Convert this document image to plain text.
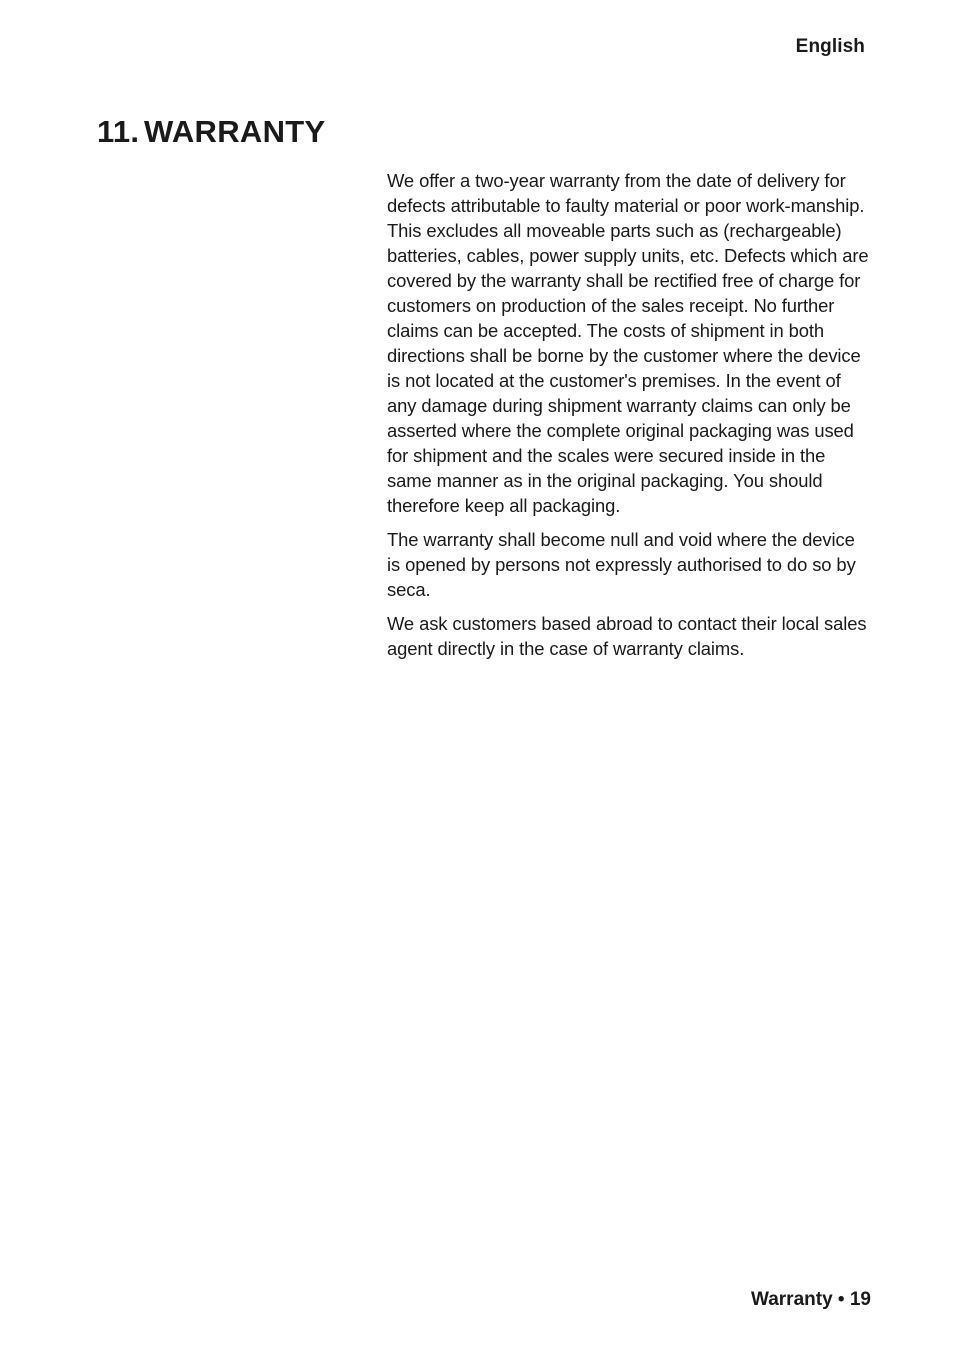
English
11. WARRANTY

We offer a two-year warranty from the date of delivery for defects attributable to faulty material or poor work-manship. This excludes all moveable parts such as (rechargeable) batteries, cables, power supply units, etc. Defects which are covered by the warranty shall be rectified free of charge for customers on production of the sales receipt. No further claims can be accepted. The costs of shipment in both directions shall be borne by the customer where the device is not located at the customer's premises. In the event of any damage during shipment warranty claims can only be asserted where the complete original packaging was used for shipment and the scales were secured inside in the same manner as in the original packaging. You should therefore keep all packaging.

The warranty shall become null and void where the device is opened by persons not expressly authorised to do so by seca.

We ask customers based abroad to contact their local sales agent directly in the case of warranty claims.

Warranty • 19
